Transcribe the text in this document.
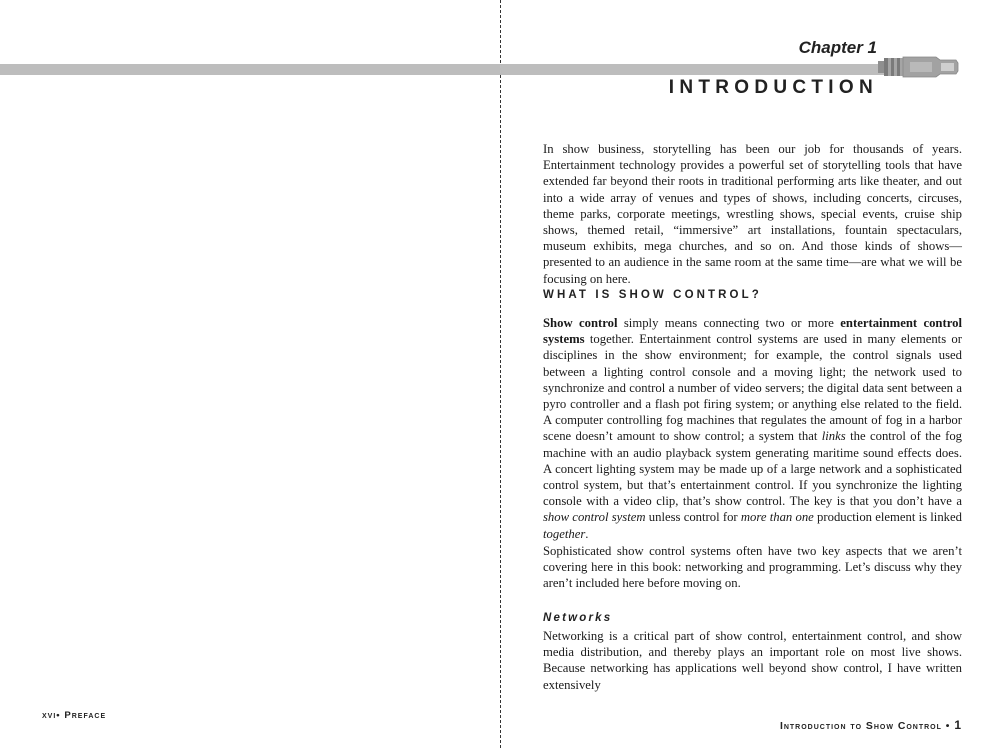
Chapter 1
INTRODUCTION

In show business, storytelling has been our job for thousands of years. Entertainment technology provides a powerful set of storytelling tools that have extended far beyond their roots in traditional performing arts like theater, and out into a wide array of venues and types of shows, including concerts, circuses, theme parks, corporate meetings, wrestling shows, special events, cruise ship shows, themed retail, “immersive” art installations, fountain spectaculars, museum exhibits, mega churches, and so on. And those kinds of shows—presented to an audience in the same room at the same time—are what we will be focusing on here.

WHAT IS SHOW CONTROL?

Show control simply means connecting two or more entertainment control systems together. Entertainment control systems are used in many elements or disciplines in the show environment; for example, the control signals used between a lighting control console and a moving light; the network used to synchronize and control a number of video servers; the digital data sent between a pyro controller and a flash pot firing system; or anything else related to the field. A computer controlling fog machines that regulates the amount of fog in a harbor scene doesn’t amount to show control; a system that links the control of the fog machine with an audio playback system generating maritime sound effects does. A concert lighting system may be made up of a large network and a sophisticated control system, but that’s entertainment control. If you synchronize the lighting console with a video clip, that’s show control. The key is that you don’t have a show control system unless control for more than one production element is linked together.

Sophisticated show control systems often have two key aspects that we aren’t covering here in this book: networking and programming. Let’s discuss why they aren’t included here before moving on.

Networks

Networking is a critical part of show control, entertainment control, and show media distribution, and thereby plays an important role on most live shows. Because networking has applications well beyond show control, I have written extensively

xvi• Preface
Introduction to Show Control • 1
